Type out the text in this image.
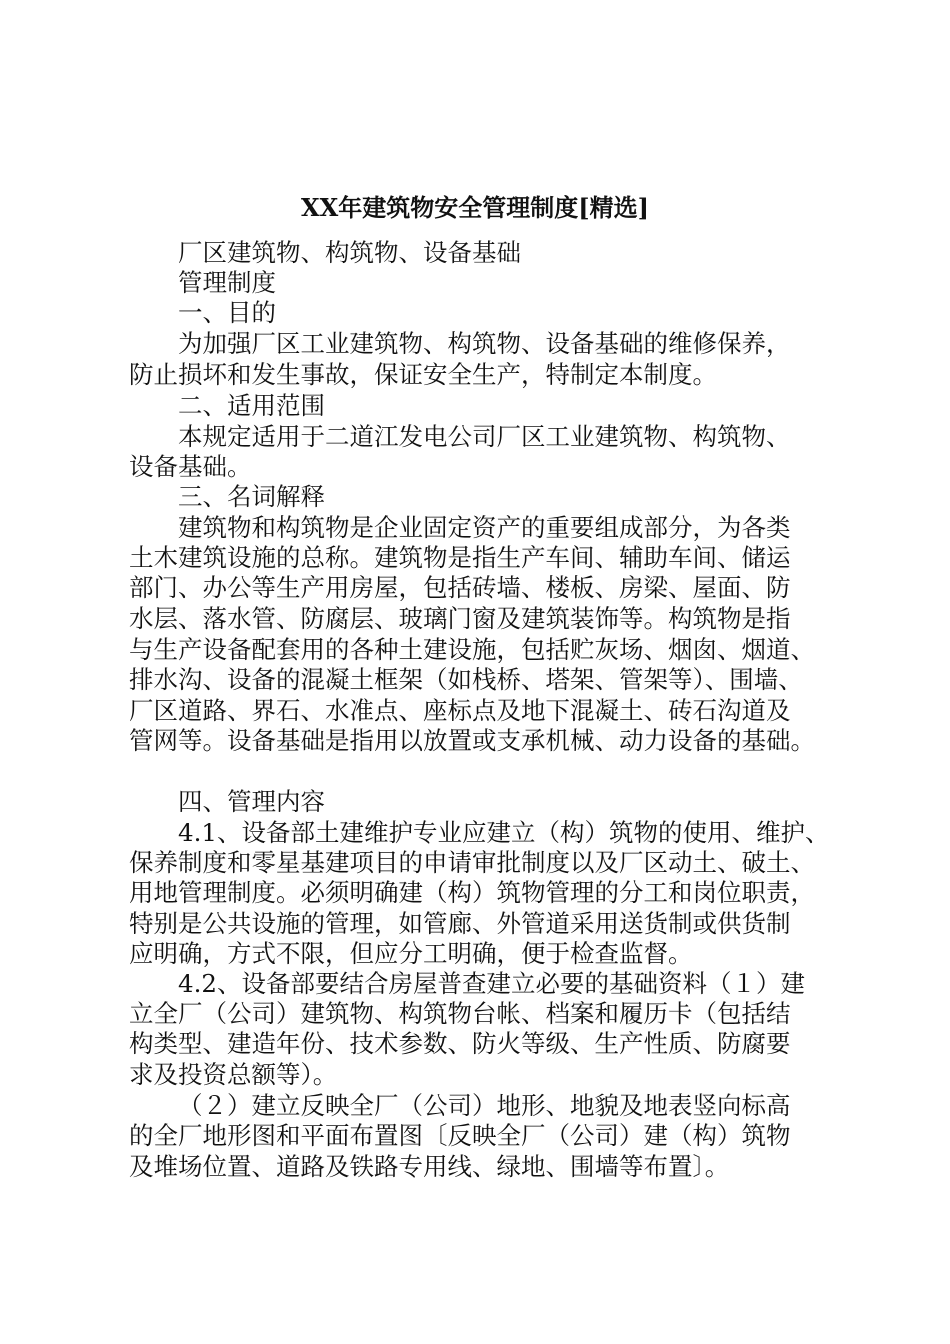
XX年建筑物安全管理制度[精选]
厂区建筑物、构筑物、设备基础
管理制度
一、目的
为加强厂区工业建筑物、构筑物、设备基础的维修保养，
防止损坏和发生事故，保证安全生产，特制定本制度。
二、适用范围
本规定适用于二道江发电公司厂区工业建筑物、构筑物、
设备基础。
三、名词解释
建筑物和构筑物是企业固定资产的重要组成部分，为各类
土木建筑设施的总称。建筑物是指生产车间、辅助车间、储运
部门、办公等生产用房屋，包括砖墙、楼板、房梁、屋面、防
水层、落水管、防腐层、玻璃门窗及建筑装饰等。构筑物是指
与生产设备配套用的各种土建设施，包括贮灰场、烟囱、烟道、
排水沟、设备的混凝土框架（如栈桥、塔架、管架等）、围墙、
厂区道路、界石、水准点、座标点及地下混凝土、砖石沟道及
管网等。设备基础是指用以放置或支承机械、动力设备的基础。
四、管理内容
4.1、设备部土建维护专业应建立（构）筑物的使用、维护、
保养制度和零星基建项目的申请审批制度以及厂区动土、破土、
用地管理制度。必须明确建（构）筑物管理的分工和岗位职责，
特别是公共设施的管理，如管廊、外管道采用送货制或供货制
应明确，方式不限，但应分工明确，便于检查监督。
4.2、设备部要结合房屋普查建立必要的基础资料（１）建
立全厂（公司）建筑物、构筑物台帐、档案和履历卡（包括结
构类型、建造年份、技术参数、防火等级、生产性质、防腐要
求及投资总额等）。
（２）建立反映全厂（公司）地形、地貌及地表竖向标高
的全厂地形图和平面布置图〔反映全厂（公司）建（构）筑物
及堆场位置、道路及铁路专用线、绿地、围墙等布置〕。
